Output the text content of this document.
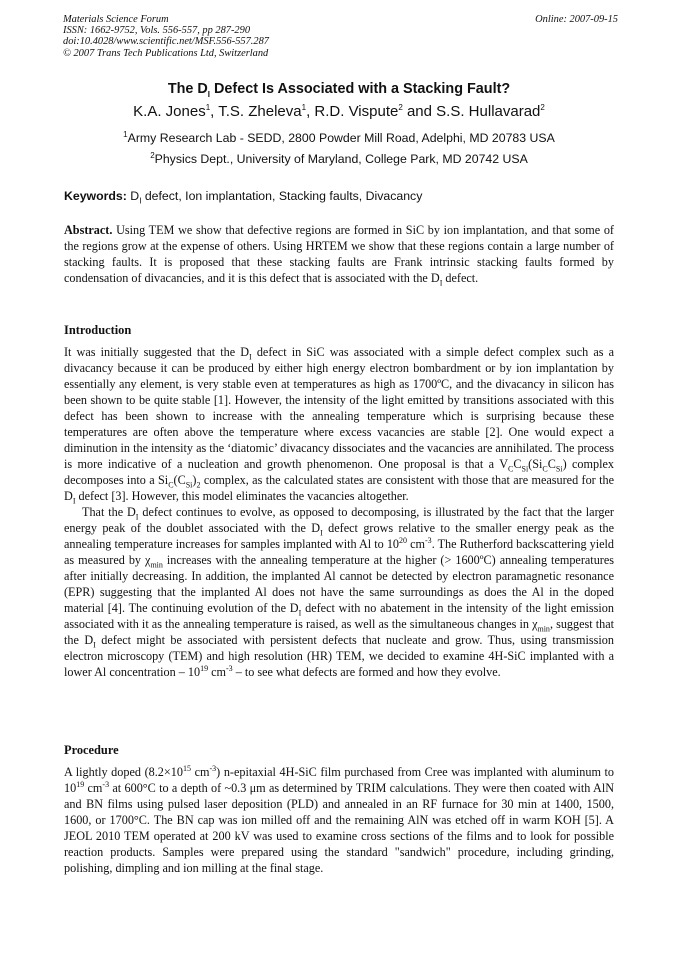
Materials Science Forum
ISSN: 1662-9752, Vols. 556-557, pp 287-290
doi:10.4028/www.scientific.net/MSF.556-557.287
© 2007 Trans Tech Publications Ltd, Switzerland
Online: 2007-09-15
The $D_I$ Defect Is Associated with a Stacking Fault?
K.A. Jones$^1$, T.S. Zheleva$^1$, R.D. Vispute$^2$ and S.S. Hullavarad$^2$
$^1$Army Research Lab - SEDD, 2800 Powder Mill Road, Adelphi, MD 20783 USA
$^2$Physics Dept., University of Maryland, College Park, MD 20742 USA
Keywords: $D_I$ defect, Ion implantation, Stacking faults, Divacancy

Abstract. Using TEM we show that defective regions are formed in SiC by ion implantation, and that some of the regions grow at the expense of others. Using HRTEM we show that these regions contain a large number of stacking faults. It is proposed that these stacking faults are Frank intrinsic stacking faults formed by condensation of divacancies, and it is this defect that is associated with the $D_I$ defect.

Introduction

It was initially suggested that the $D_I$ defect in SiC was associated with a simple defect complex such as a divacancy because it can be produced by either high energy electron bombardment or by ion implantation by essentially any element, is very stable even at temperatures as high as 1700ºC, and the divacancy in silicon has been shown to be quite stable [1]. However, the intensity of the light emitted by transitions associated with this defect has been shown to increase with the annealing temperature which is surprising because these temperatures are often above the temperature where excess vacancies are stable [2]. One would expect a diminution in the intensity as the ‘diatomic’ divacancy dissociates and the vacancies are annihilated. The process is more indicative of a nucleation and growth phenomenon. One proposal is that a $V_CC_{Si}(Si_CC_{Si})$ complex decomposes into a $Si_C(C_{Si})_2$ complex, as the calculated states are consistent with those that are measured for the $D_I$ defect [3]. However, this model eliminates the vacancies altogether.

That the $D_I$ defect continues to evolve, as opposed to decomposing, is illustrated by the fact that the larger energy peak of the doublet associated with the $D_I$ defect grows relative to the smaller energy peak as the annealing temperature increases for samples implanted with Al to $10^{20}$ $cm^{-3}$. The Rutherford backscattering yield as measured by $\chi_{min}$ increases with the annealing temperature at the higher (> 1600ºC) annealing temperatures after initially decreasing. In addition, the implanted Al cannot be detected by electron paramagnetic resonance (EPR) suggesting that the implanted Al does not have the same surroundings as does the Al in the doped material [4]. The continuing evolution of the $D_I$ defect with no abatement in the intensity of the light emission associated with it as the annealing temperature is raised, as well as the simultaneous changes in $\chi_{min}$, suggest that the $D_I$ defect might be associated with persistent defects that nucleate and grow. Thus, using transmission electron microscopy (TEM) and high resolution (HR) TEM, we decided to examine 4H-SiC implanted with a lower Al concentration – $10^{19}$ $cm^{-3}$ – to see what defects are formed and how they evolve.

Procedure

A lightly doped ($8.2\times 10^{15}$ $cm^{-3}$) n-epitaxial 4H-SiC film purchased from Cree was implanted with aluminum to $10^{19}$ $cm^{-3}$ at 600°C to a depth of ~0.3 μm as determined by TRIM calculations. They were then coated with AlN and BN films using pulsed laser deposition (PLD) and annealed in an RF furnace for 30 min at 1400, 1500, 1600, or 1700°C. The BN cap was ion milled off and the remaining AlN was etched off in warm KOH [5]. A JEOL 2010 TEM operated at 200 kV was used to examine cross sections of the films and to look for possible reaction products. Samples were prepared using the standard "sandwich" procedure, including grinding, polishing, dimpling and ion milling at the final stage.
